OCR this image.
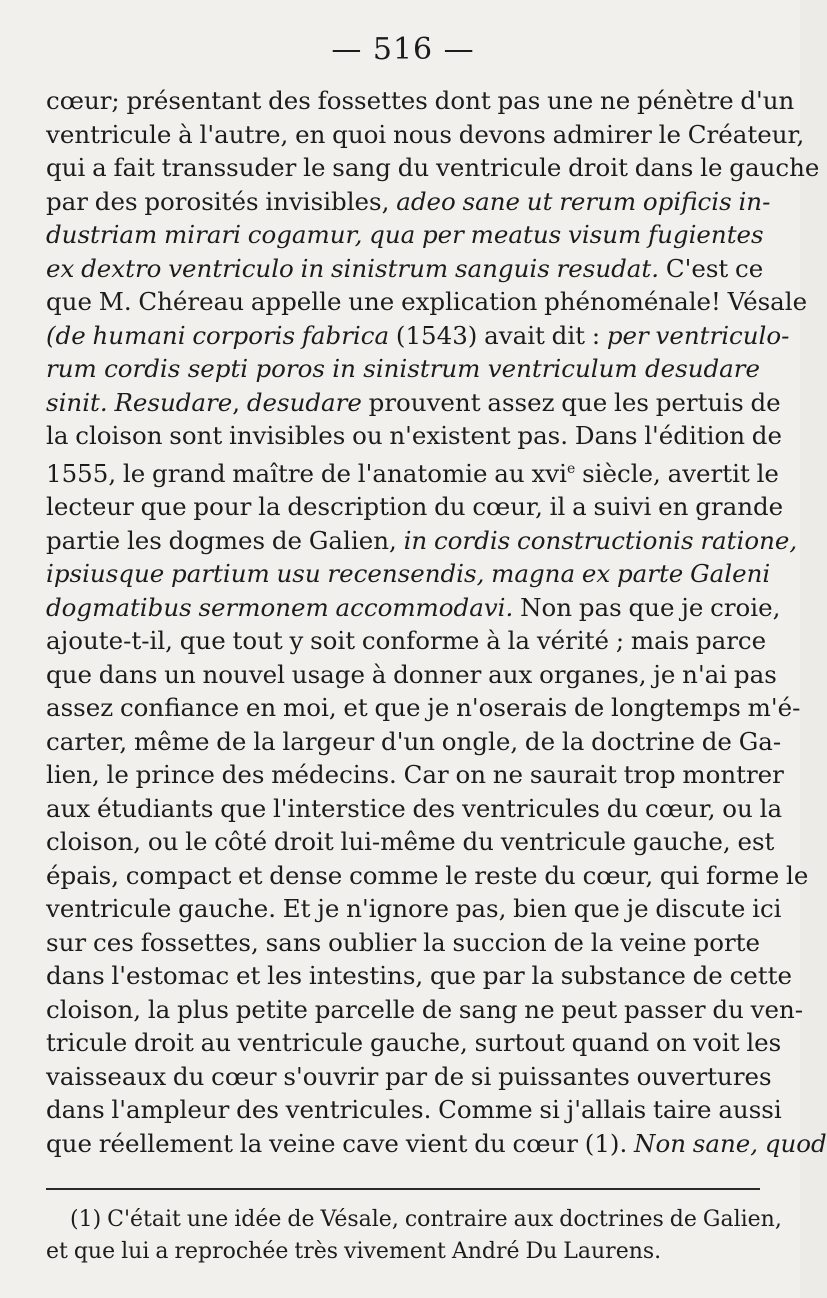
— 516 —
cœur; présentant des fossettes dont pas une ne pénètre d'un
ventricule à l'autre, en quoi nous devons admirer le Créateur,
qui a fait transsuder le sang du ventricule droit dans le gauche
par des porosités invisibles, adeo sane ut rerum opificis in-
dustriam mirari cogamur, qua per meatus visum fugientes
ex dextro ventriculo in sinistrum sanguis resudat. C'est ce
que M. Chéreau appelle une explication phénoménale! Vésale
(de humani corporis fabrica (1543) avait dit : per ventriculo-
rum cordis septi poros in sinistrum ventriculum desudare
sinit. Resudare, desudare prouvent assez que les pertuis de
la cloison sont invisibles ou n'existent pas. Dans l'édition de
1555, le grand maître de l'anatomie au xvi$^e$ siècle, avertit le
lecteur que pour la description du cœur, il a suivi en grande
partie les dogmes de Galien, in cordis constructionis ratione,
ipsiusque partium usu recensendis, magna ex parte Galeni
dogmatibus sermonem accommodavi. Non pas que je croie,
ajoute-t-il, que tout y soit conforme à la vérité ; mais parce
que dans un nouvel usage à donner aux organes, je n'ai pas
assez confiance en moi, et que je n'oserais de longtemps m'é-
carter, même de la largeur d'un ongle, de la doctrine de Ga-
lien, le prince des médecins. Car on ne saurait trop montrer
aux étudiants que l'interstice des ventricules du cœur, ou la
cloison, ou le côté droit lui-même du ventricule gauche, est
épais, compact et dense comme le reste du cœur, qui forme le
ventricule gauche. Et je n'ignore pas, bien que je discute ici
sur ces fossettes, sans oublier la succion de la veine porte
dans l'estomac et les intestins, que par la substance de cette
cloison, la plus petite parcelle de sang ne peut passer du ven-
tricule droit au ventricule gauche, surtout quand on voit les
vaisseaux du cœur s'ouvrir par de si puissantes ouvertures
dans l'ampleur des ventricules. Comme si j'allais taire aussi
que réellement la veine cave vient du cœur (1). Non sane, quod
(1) C'était une idée de Vésale, contraire aux doctrines de Galien,
et que lui a reprochée très vivement André Du Laurens.
